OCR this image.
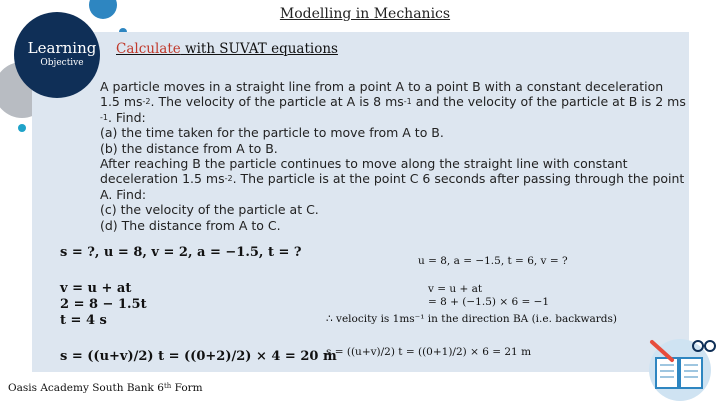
Modelling in Mechanics
Learning
Objective
Calculate with SUVAT equations

A particle moves in a straight line from a point A to a point B with a constant deceleration

1.5 $ms^{-2}$. The velocity of the particle at A is 8 $ms^{-1}$ and the velocity of the particle at B is 2 ms

$^{-1}$. Find:

(a) the time taken for the particle to move from A to B.

(b) the distance from A to B.

After reaching B the particle continues to move along the straight line with constant

deceleration 1.5 $ms^{-2}$. The particle is at the point C 6 seconds after passing through the point

A. Find:

(c) the velocity of the particle at C.

(d) The distance from A to C.

s = ?, u = 8, v = 2, a = −1.5, t = ?
v = u + at
2 = 8 − 1.5t
t = 4 s
s = ((u+v)/2) t = ((0+2)/2) × 4 = 20 m
u = 8, a = −1.5, t = 6, v = ?
v = u + at
= 8 + (−1.5) × 6 = −1
∴ velocity is 1ms⁻¹ in the direction BA (i.e. backwards)
s = ((u+v)/2) t = ((0+1)/2) × 6 = 21 m
Oasis Academy South Bank 6th Form
